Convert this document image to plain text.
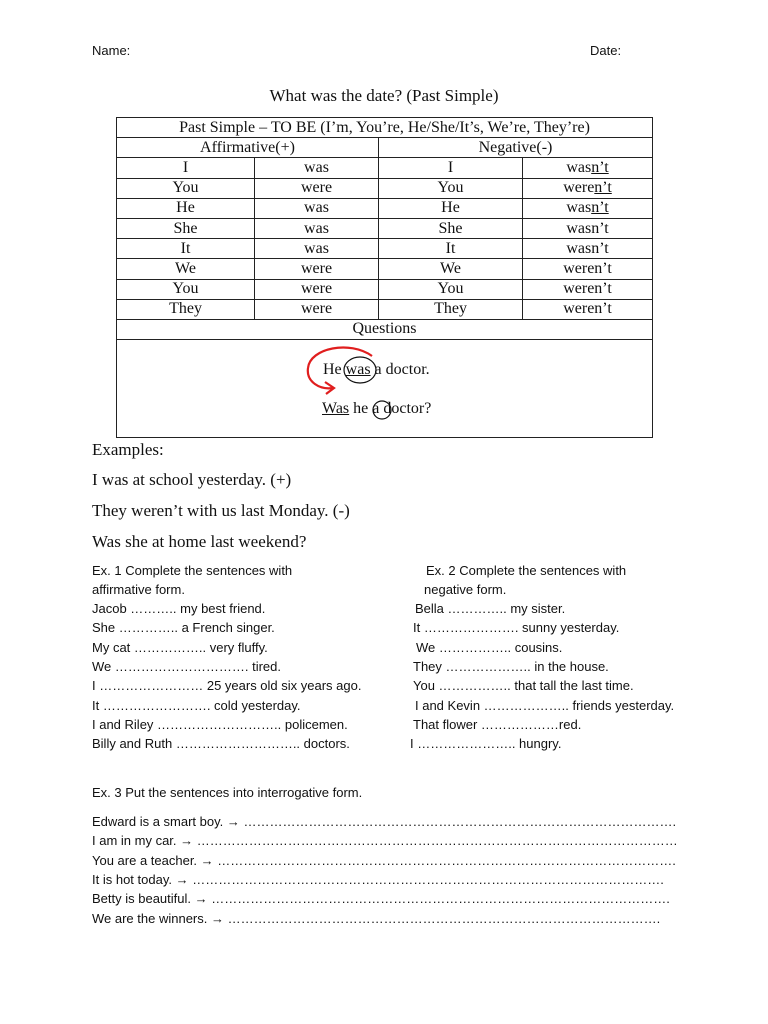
Name:	Date:
What was the date? (Past Simple)
Past Simple – TO BE (I’m, You’re, He/She/It’s, We’re, They’re)			
Affirmative(+)		Negative(-)	
I	was	I	wasn’t
You	were	You	weren’t
He	was	He	wasn’t
She	was	She	wasn’t
It	was	It	wasn’t
We	were	We	weren’t
You	were	You	weren’t
They	were	They	weren’t
Questions			

He was a doctor.
Was he a doctor?
Examples:
I was at school yesterday. (+)
They weren’t with us last Monday. (-)
Was she at home last weekend?
Ex. 1 Complete the sentences with
affirmative form.
Jacob ……….. my best friend.
She ………….. a French singer.
My cat …………….. very fluffy.
We …………………………. tired.
I …………………… 25 years old six years ago.
It ……………………. cold yesterday.
I and Riley ……………………….. policemen.
Billy and Ruth ……………………….. doctors.
Ex. 2 Complete the sentences with
negative form.
Bella ………….. my sister.
It …………………. sunny yesterday.
We …………….. cousins.
They ……………….. in the house.
You …………….. that tall the last time.
I and Kevin ……………….. friends yesterday.
That flower ………………red.
I ………………….. hungry.
Ex. 3 Put the sentences into interrogative form.
Edward is a smart boy. → ……………………………………………………………………………………….
I am in my car. → …………………………………………………………………………………………………
You are a teacher. → …………………………………………………………………………………………….
It is hot today. → ……………………………………………………………………………………………….
Betty is beautiful. → …………………………………………………………………………………………….
We are the winners. → ……………………………………………………………………………………….
